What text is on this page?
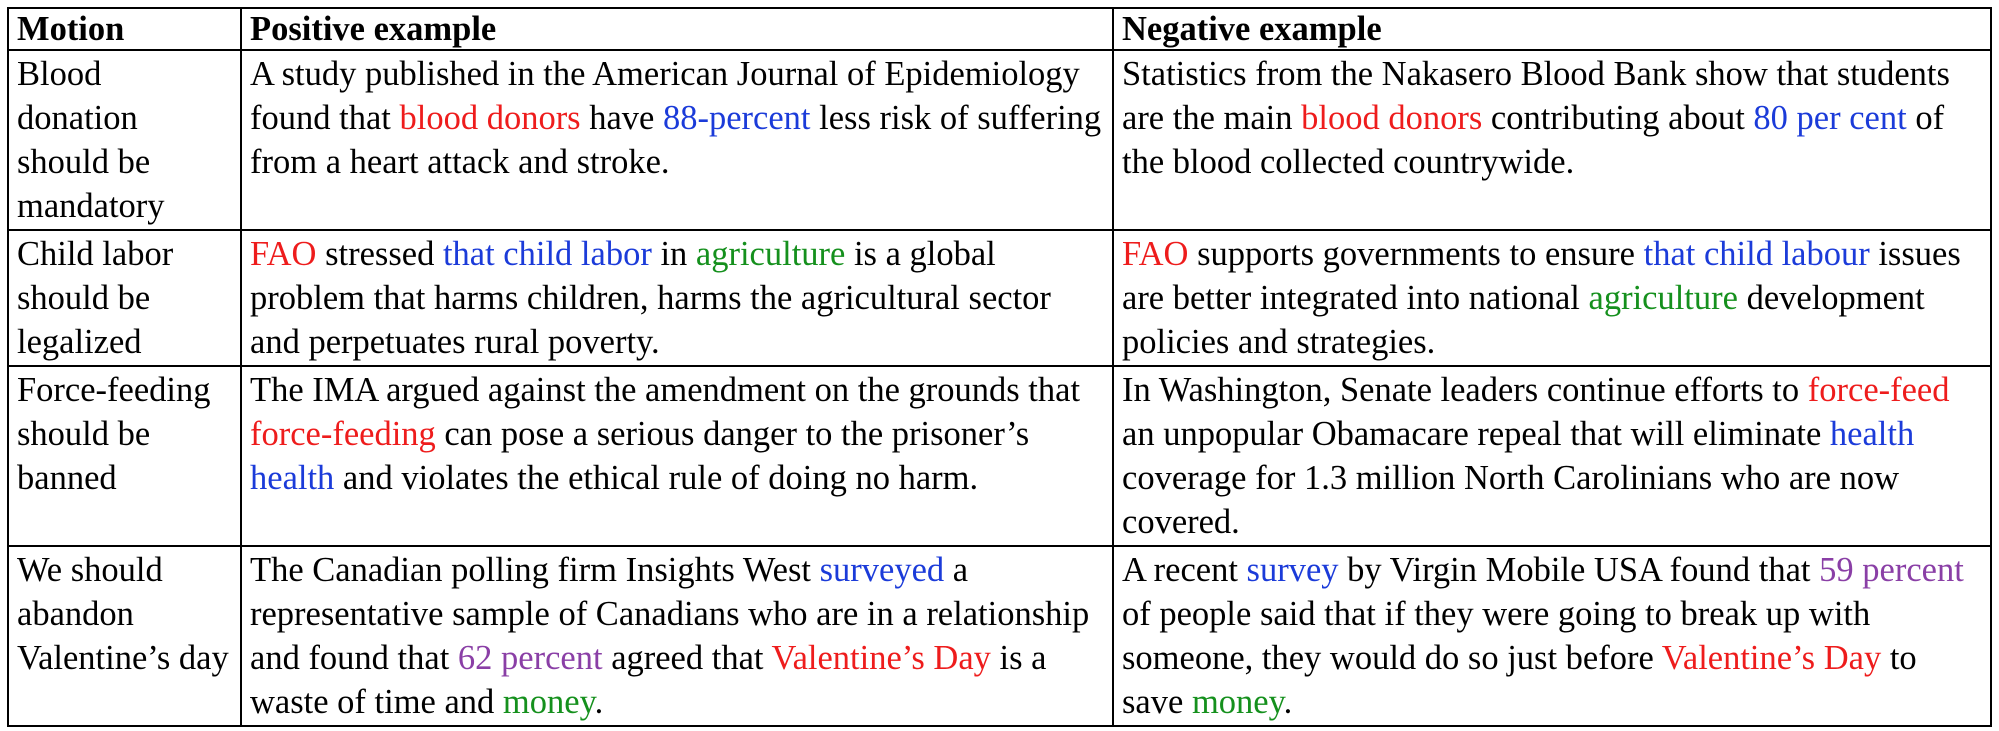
Motion	Positive example	Negative example
Blood donation should be mandatory	A study published in the American Journal of Epidemiology found that blood donors have 88-percent less risk of suffering from a heart attack and stroke.	Statistics from the Nakasero Blood Bank show that students are the main blood donors contributing about 80 per cent of the blood collected countrywide.
Child labor should be legalized	FAO stressed that child labor in agriculture is a global problem that harms children, harms the agricultural sector and perpetuates rural poverty.	FAO supports governments to ensure that child labour issues are better integrated into national agriculture development policies and strategies.
Force-feeding should be banned	The IMA argued against the amendment on the grounds that force-feeding can pose a serious danger to the prisoner’s health and violates the ethical rule of doing no harm.	In Washington, Senate leaders continue efforts to force-feed an unpopular Obamacare repeal that will eliminate health coverage for 1.3 million North Carolinians who are now covered.
We should abandon Valentine’s day	The Canadian polling firm Insights West surveyed a representative sample of Canadians who are in a relationship and found that 62 percent agreed that Valentine’s Day is a waste of time and money.	A recent survey by Virgin Mobile USA found that 59 percent of people said that if they were going to break up with someone, they would do so just before Valentine’s Day to save money.
